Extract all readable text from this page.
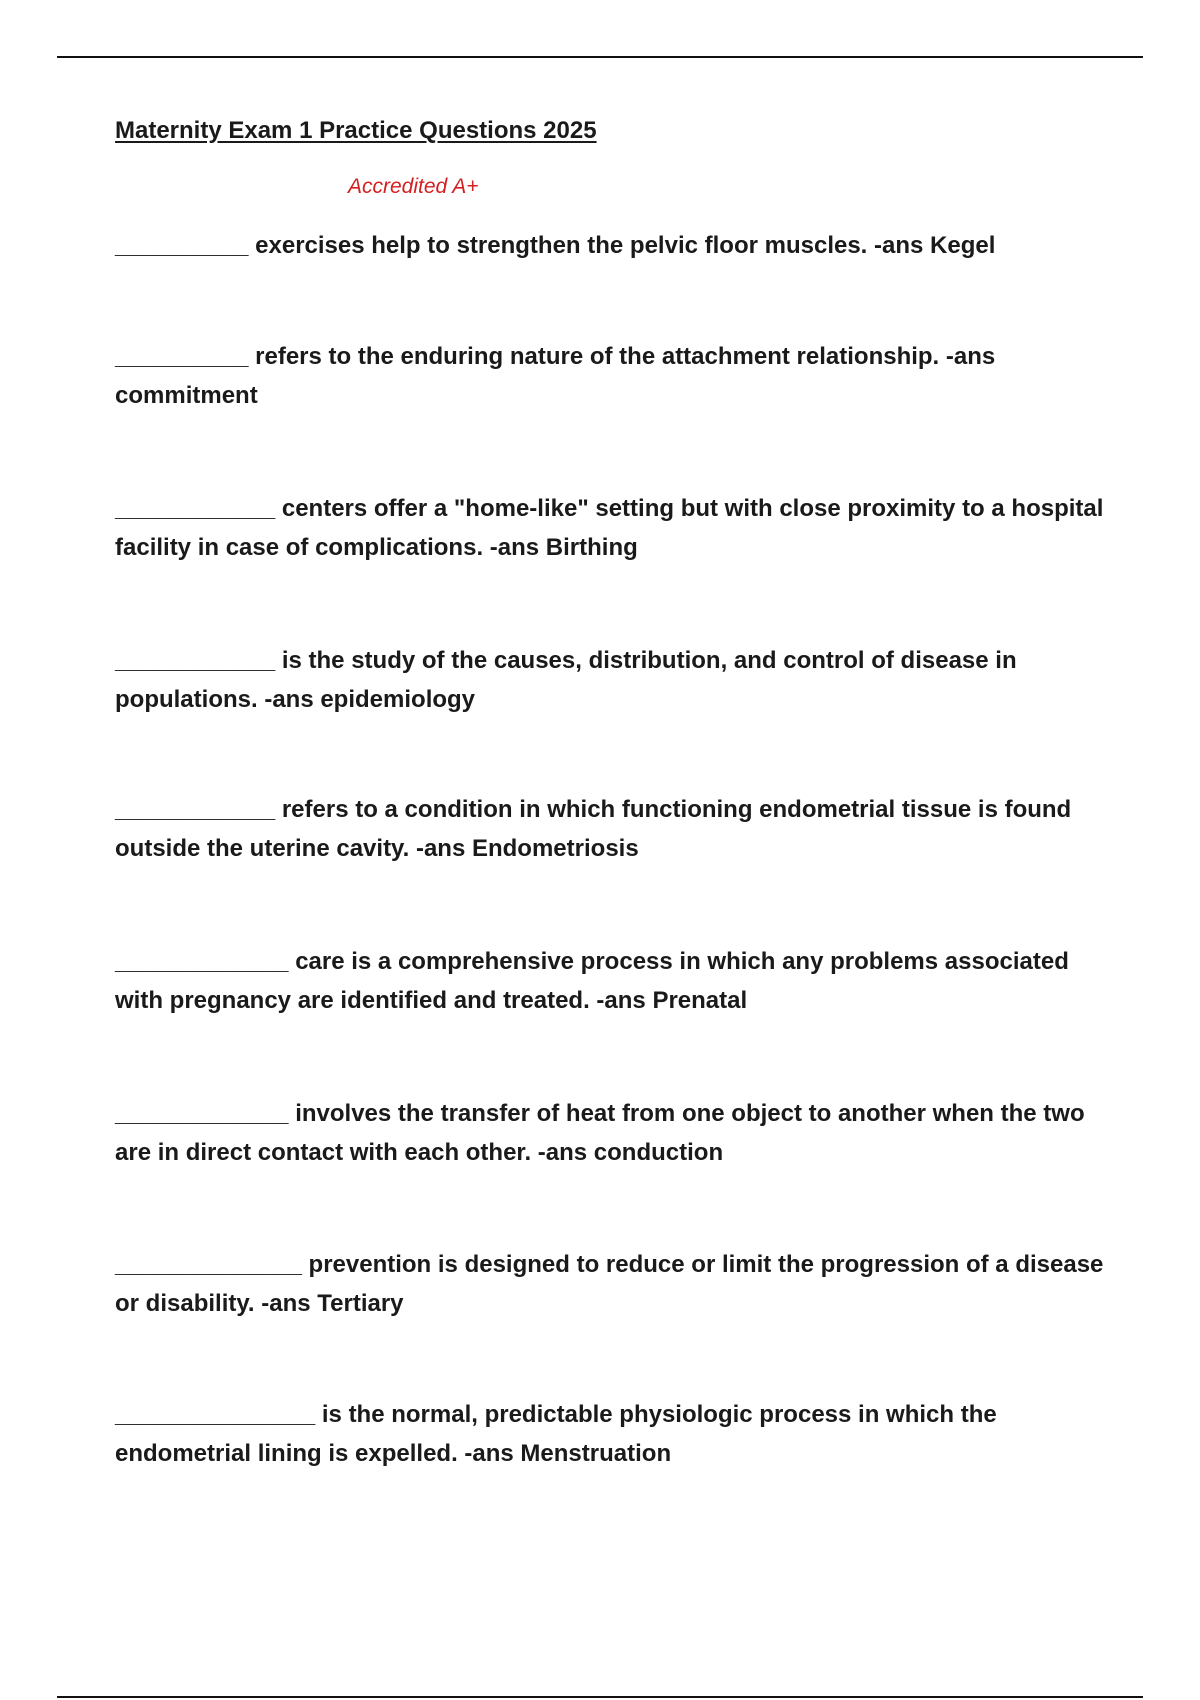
Maternity Exam 1 Practice Questions 2025
Accredited A+

__________ exercises help to strengthen the pelvic floor muscles. -ans Kegel

__________ refers to the enduring nature of the attachment relationship. -ans commitment

____________ centers offer a "home-like" setting but with close proximity to a hospital facility in case of complications. -ans Birthing

____________ is the study of the causes, distribution, and control of disease in populations. -ans epidemiology

____________ refers to a condition in which functioning endometrial tissue is found outside the uterine cavity. -ans Endometriosis

_____________ care is a comprehensive process in which any problems associated with pregnancy are identified and treated. -ans Prenatal

_____________ involves the transfer of heat from one object to another when the two are in direct contact with each other. -ans conduction

______________ prevention is designed to reduce or limit the progression of a disease or disability. -ans Tertiary

_______________ is the normal, predictable physiologic process in which the endometrial lining is expelled. -ans Menstruation
